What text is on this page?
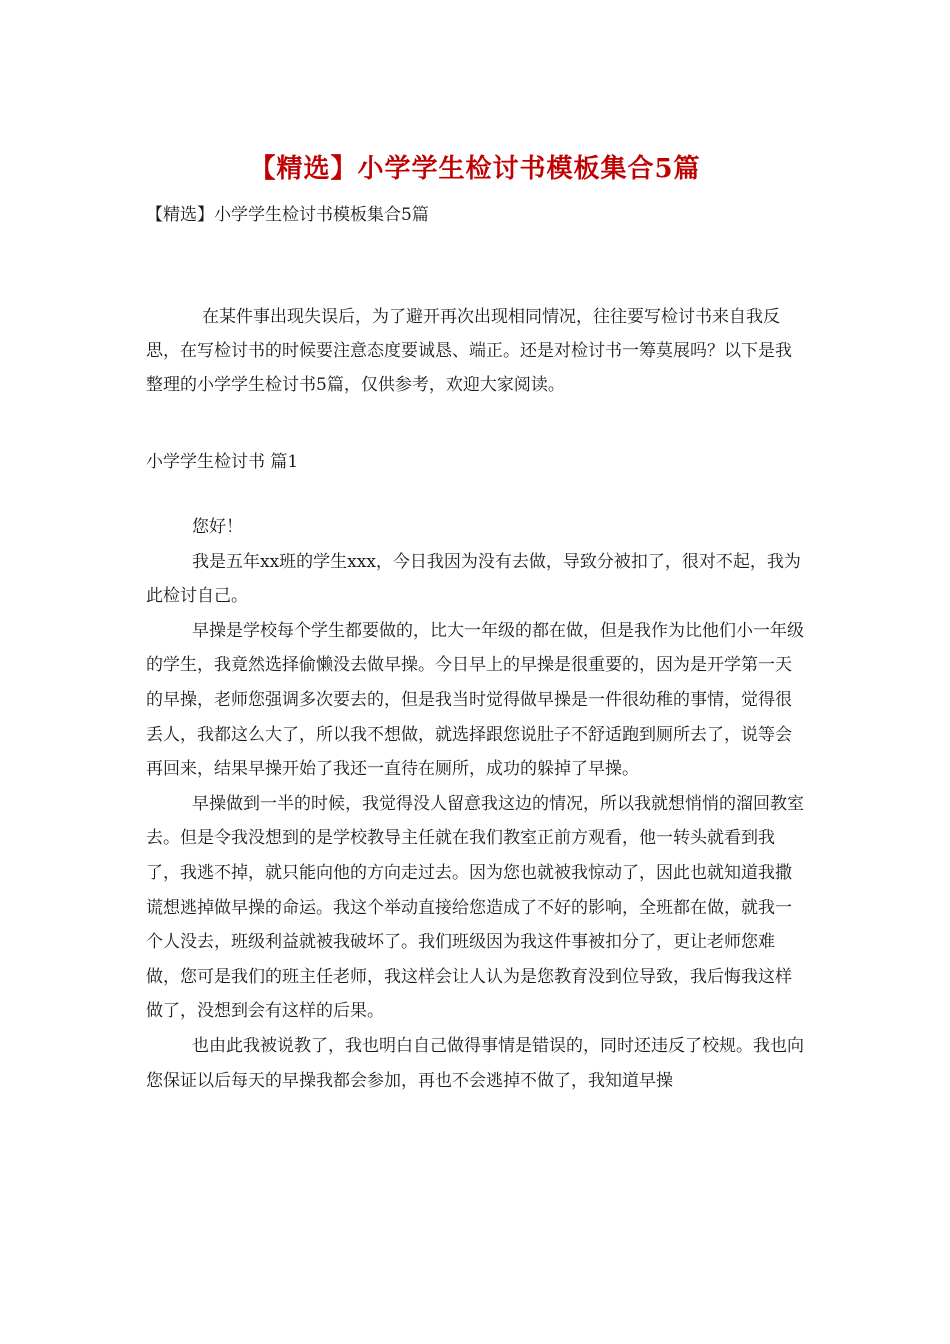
【精选】小学学生检讨书模板集合5篇
【精选】小学学生检讨书模板集合5篇

在某件事出现失误后，为了避开再次出现相同情况，往往要写检讨书来自我反思，在写检讨书的时候要注意态度要诚恳、端正。还是对检讨书一筹莫展吗？以下是我整理的小学学生检讨书5篇，仅供参考，欢迎大家阅读。

小学学生检讨书 篇1

您好！

我是五年xx班的学生xxx，今日我因为没有去做，导致分被扣了，很对不起，我为此检讨自己。

早操是学校每个学生都要做的，比大一年级的都在做，但是我作为比他们小一年级的学生，我竟然选择偷懒没去做早操。今日早上的早操是很重要的，因为是开学第一天的早操，老师您强调多次要去的，但是我当时觉得做早操是一件很幼稚的事情，觉得很丢人，我都这么大了，所以我不想做，就选择跟您说肚子不舒适跑到厕所去了，说等会再回来，结果早操开始了我还一直待在厕所，成功的躲掉了早操。

早操做到一半的时候，我觉得没人留意我这边的情况，所以我就想悄悄的溜回教室去。但是令我没想到的是学校教导主任就在我们教室正前方观看，他一转头就看到我了，我逃不掉，就只能向他的方向走过去。因为您也就被我惊动了，因此也就知道我撒谎想逃掉做早操的命运。我这个举动直接给您造成了不好的影响，全班都在做，就我一个人没去，班级利益就被我破坏了。我们班级因为我这件事被扣分了，更让老师您难做，您可是我们的班主任老师，我这样会让人认为是您教育没到位导致，我后悔我这样做了，没想到会有这样的后果。

也由此我被说教了，我也明白自己做得事情是错误的，同时还违反了校规。我也向您保证以后每天的早操我都会参加，再也不会逃掉不做了，我知道早操
